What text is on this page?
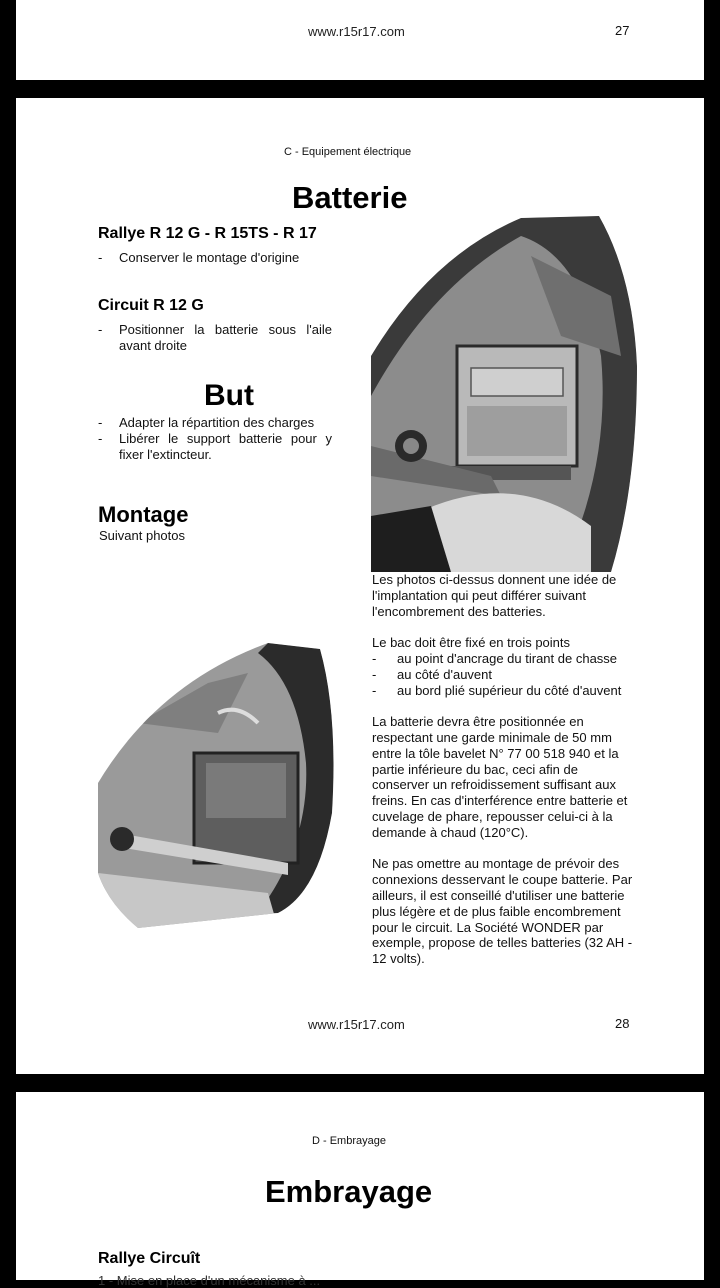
www.r15r17.com	27
C - Equipement électrique
Batterie
Rallye R 12 G - R 15TS - R 17
- Conserver le montage d'origine
Circuit R 12 G
- Positionner la batterie sous l'aile avant droite
But
- Adapter la répartition des charges
- Libérer le support batterie pour y fixer l'extincteur.
Montage
Suivant photos

Les photos ci-dessus donnent une idée de l'implantation qui peut différer suivant l'encombrement des batteries.

Le bac doit être fixé en trois points

- au point d'ancrage du tirant de chasse
- au côté d'auvent
- au bord plié supérieur du côté d'auvent

La batterie devra être positionnée en respectant une garde minimale de 50 mm entre la tôle bavelet N° 77 00 518 940 et la partie inférieure du bac, ceci afin de conserver un refroidissement suffisant aux freins. En cas d'interférence entre batterie et cuvelage de phare, repousser celui-ci à la demande à chaud (120°C).

Ne pas omettre au montage de prévoir des connexions desservant le coupe batterie. Par ailleurs, il est conseillé d'utiliser une batterie plus légère et de plus faible encombrement pour le circuit. La Société WONDER par exemple, propose de telles batteries (32 AH - 12 volts).

www.r15r17.com	28
D - Embrayage
Embrayage
Rallye Circuît
1 - Mise en place d'un mécanisme à ...
